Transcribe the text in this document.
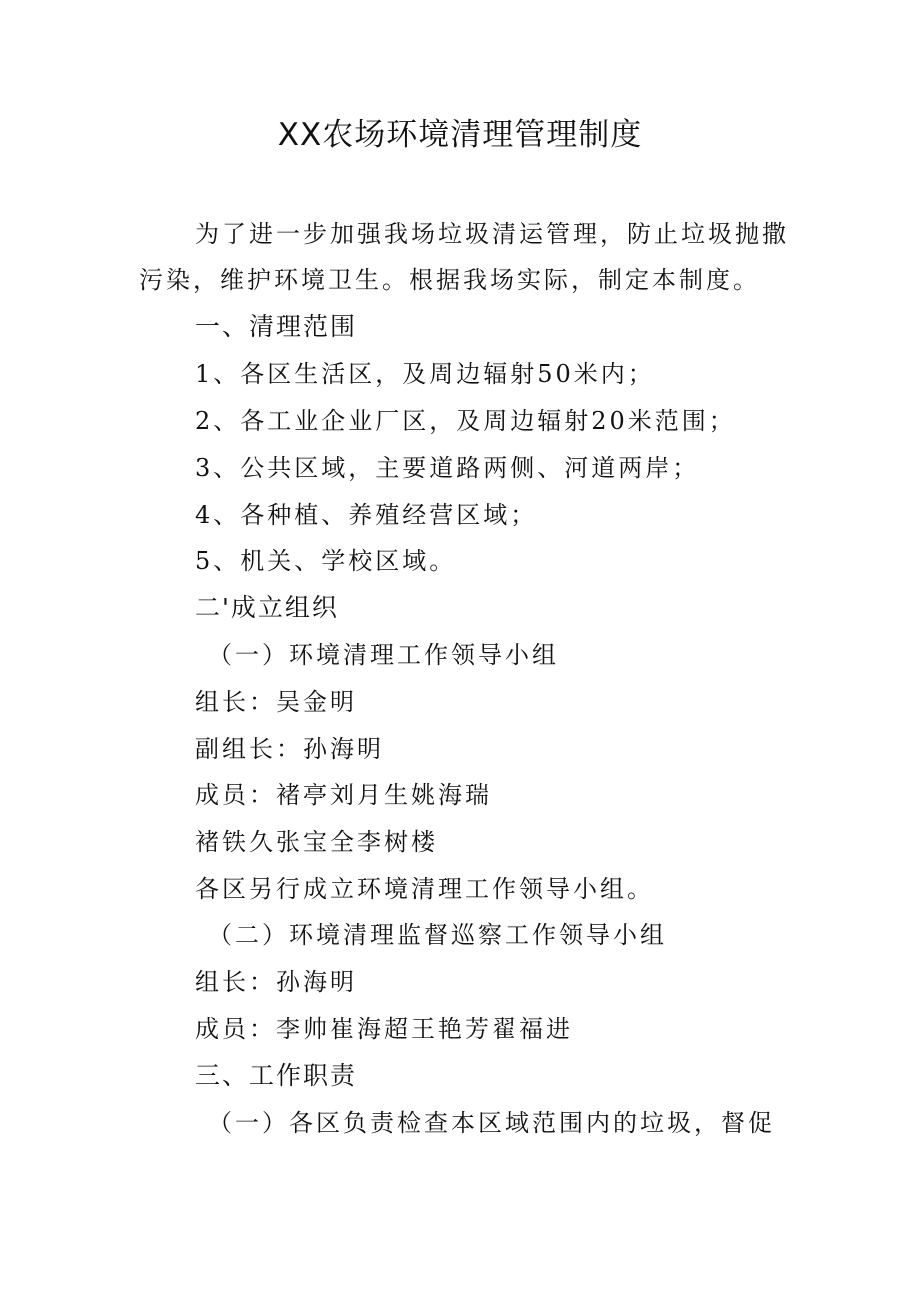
XX农场环境清理管理制度
为了进一步加强我场垃圾清运管理，防止垃圾抛撒
污染，维护环境卫生。根据我场实际，制定本制度。
一、清理范围
1、各区生活区，及周边辐射50米内；
2、各工业企业厂区，及周边辐射20米范围；
3、公共区域，主要道路两侧、河道两岸；
4、各种植、养殖经营区域；
5、机关、学校区域。
二'成立组织
（一）环境清理工作领导小组
组长：吴金明
副组长：孙海明
成员：褚亭刘月生姚海瑞
褚铁久张宝全李树楼
各区另行成立环境清理工作领导小组。
（二）环境清理监督巡察工作领导小组
组长：孙海明
成员：李帅崔海超王艳芳翟福进
三、工作职责
（一）各区负责检查本区域范围内的垃圾，督促
